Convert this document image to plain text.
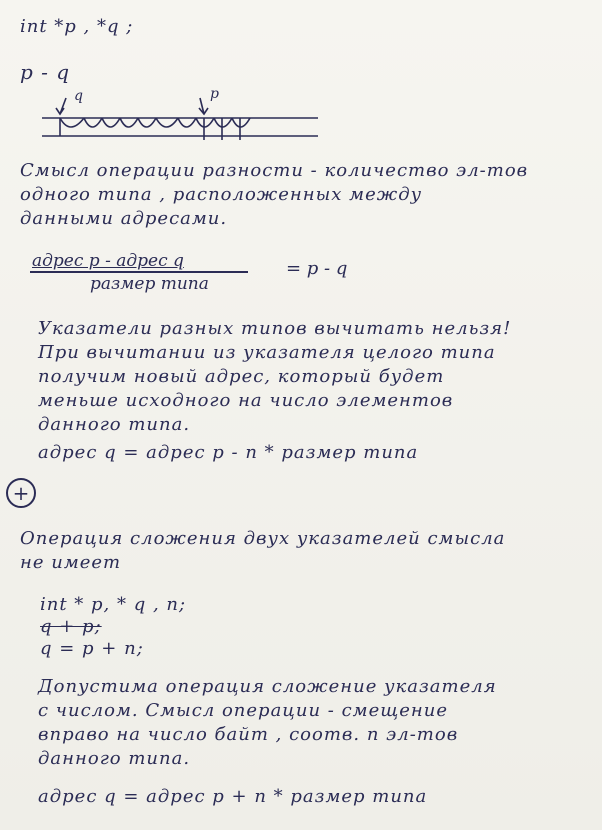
q	p
int *p , *q ;
p - q
Смысл операции разности - количество эл-тов
одного типа , расположенных между
данными адресами.
адрес p - адрес q
размер типа
= p - q
Указатели разных типов вычитать нельзя!
При вычитании из указателя целого типа
получим новый адрес, который будет
меньше исходного на число элементов
данного типа.
адрес q = адрес p - n * размер типа
+
Операция сложения двух указателей смысла
не имеет
int * p, * q , n;
q + p;
q = p + n;
Допустима операция сложение указателя
с числом. Смысл операции - смещение
вправо на число байт , соотв. n эл-тов
данного типа.
адрес q = адрес p + n * размер типа
